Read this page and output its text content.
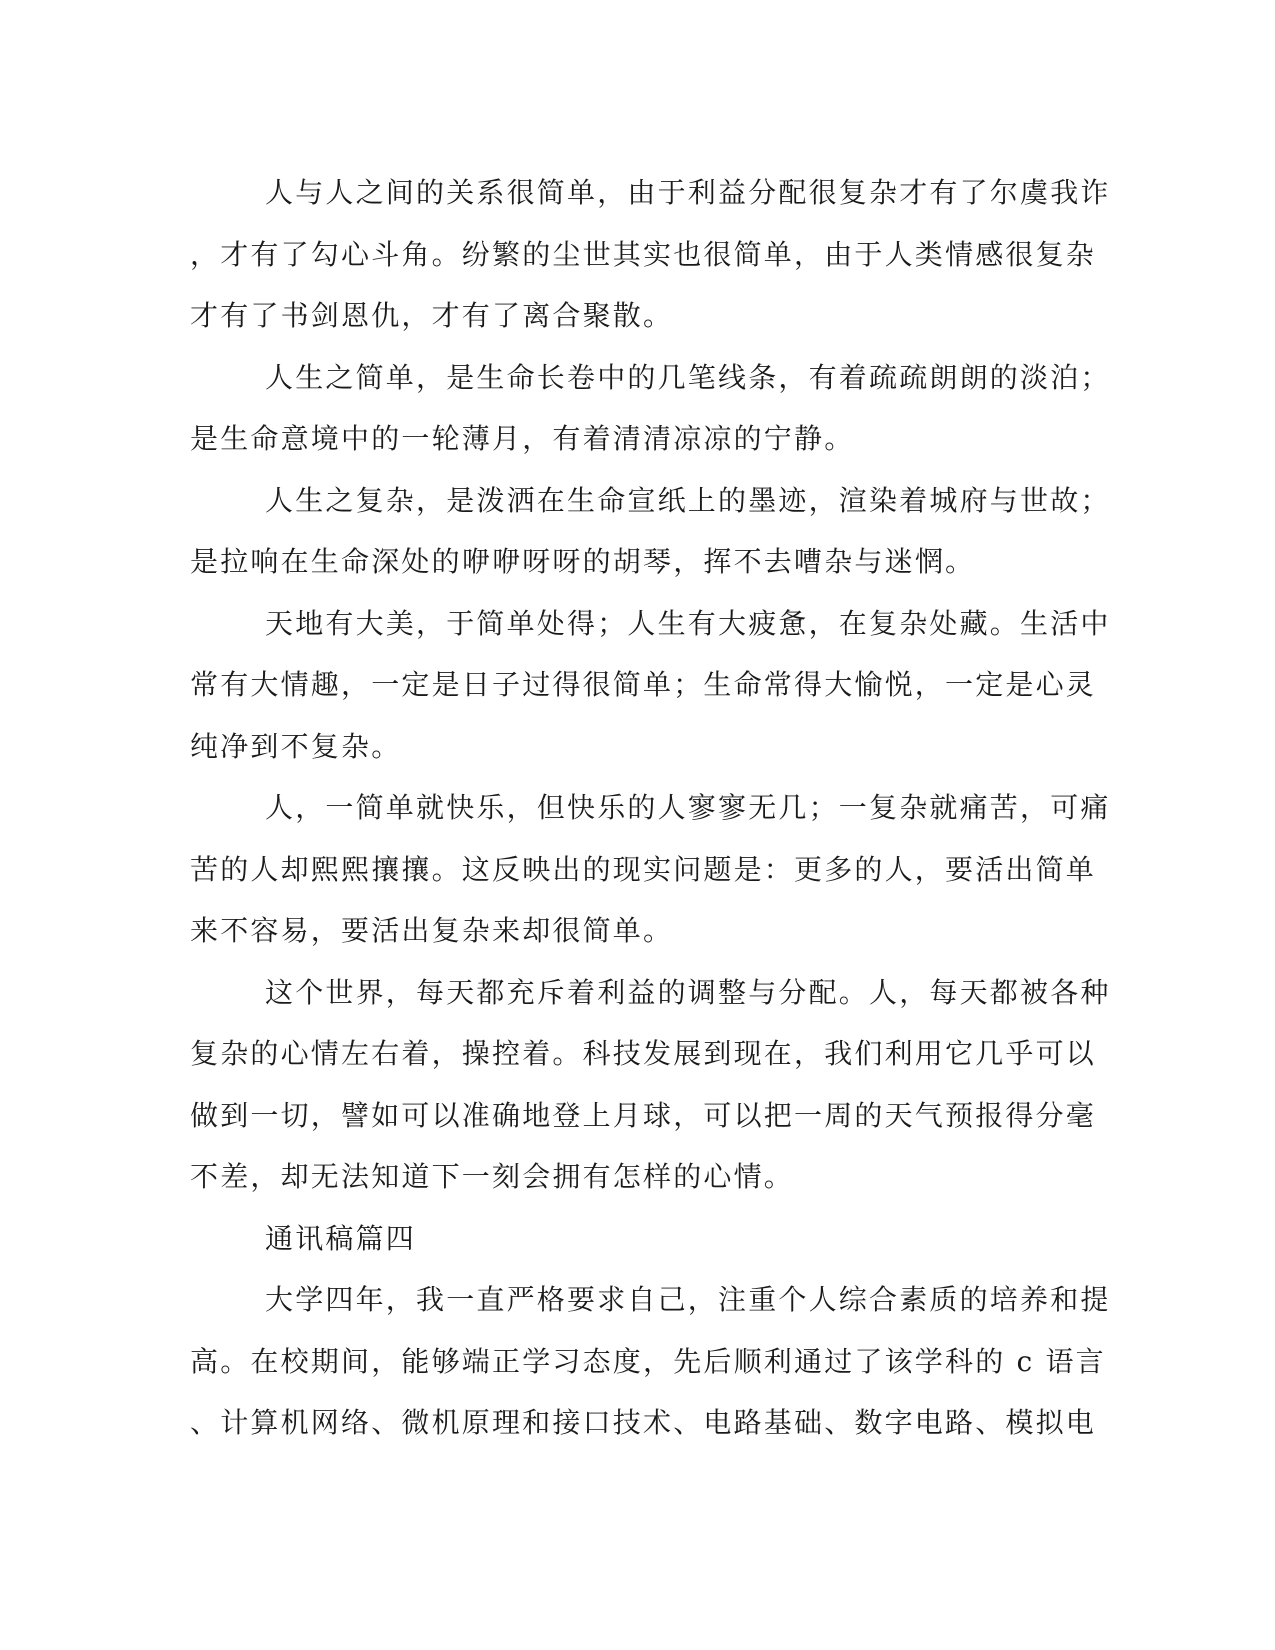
人与人之间的关系很简单，由于利益分配很复杂才有了尔虞我诈
，才有了勾心斗角。纷繁的尘世其实也很简单，由于人类情感很复杂
才有了书剑恩仇，才有了离合聚散。

人生之简单，是生命长卷中的几笔线条，有着疏疏朗朗的淡泊；
是生命意境中的一轮薄月，有着清清凉凉的宁静。

人生之复杂，是泼洒在生命宣纸上的墨迹，渲染着城府与世故；
是拉响在生命深处的咿咿呀呀的胡琴，挥不去嘈杂与迷惘。

天地有大美，于简单处得；人生有大疲惫，在复杂处藏。生活中
常有大情趣，一定是日子过得很简单；生命常得大愉悦，一定是心灵
纯净到不复杂。

人，一简单就快乐，但快乐的人寥寥无几；一复杂就痛苦，可痛
苦的人却熙熙攘攘。这反映出的现实问题是：更多的人，要活出简单
来不容易，要活出复杂来却很简单。

这个世界，每天都充斥着利益的调整与分配。人，每天都被各种
复杂的心情左右着，操控着。科技发展到现在，我们利用它几乎可以
做到一切，譬如可以准确地登上月球，可以把一周的天气预报得分毫
不差，却无法知道下一刻会拥有怎样的心情。

通讯稿篇四

大学四年，我一直严格要求自己，注重个人综合素质的培养和提
高。在校期间，能够端正学习态度，先后顺利通过了该学科的 c 语言
、计算机网络、微机原理和接口技术、电路基础、数字电路、模拟电
